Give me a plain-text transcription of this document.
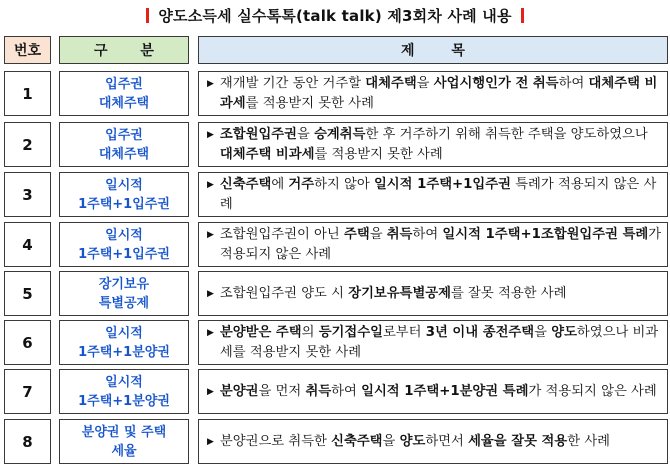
양도소득세 실수톡톡(talk talk) 제3회차 사례 내용
번호	구 분	제 목
1
입주권
대체주택
▶ 재개발 기간 동안 거주할 대체주택을 사업시행인가 전 취득하여 대체주택 비과세를 적용받지 못한 사례
2
입주권
대체주택
▶ 조합원입주권을 승계취득한 후 거주하기 위해 취득한 주택을 양도하였으나 대체주택 비과세를 적용받지 못한 사례
3
일시적
1주택+1입주권
▶ 신축주택에 거주하지 않아 일시적 1주택+1입주권 특례가 적용되지 않은 사례
4
일시적
1주택+1입주권
▶ 조합원입주권이 아닌 주택을 취득하여 일시적 1주택+1조합원입주권 특례가 적용되지 않은 사례
5
장기보유
특별공제
▶ 조합원입주권 양도 시 장기보유특별공제를 잘못 적용한 사례
6
일시적
1주택+1분양권
▶ 분양받은 주택의 등기접수일로부터 3년 이내 종전주택을 양도하였으나 비과세를 적용받지 못한 사례
7
일시적
1주택+1분양권
▶ 분양권을 먼저 취득하여 일시적 1주택+1분양권 특례가 적용되지 않은 사례
8
분양권 및 주택
세율
▶ 분양권으로 취득한 신축주택을 양도하면서 세율을 잘못 적용한 사례
